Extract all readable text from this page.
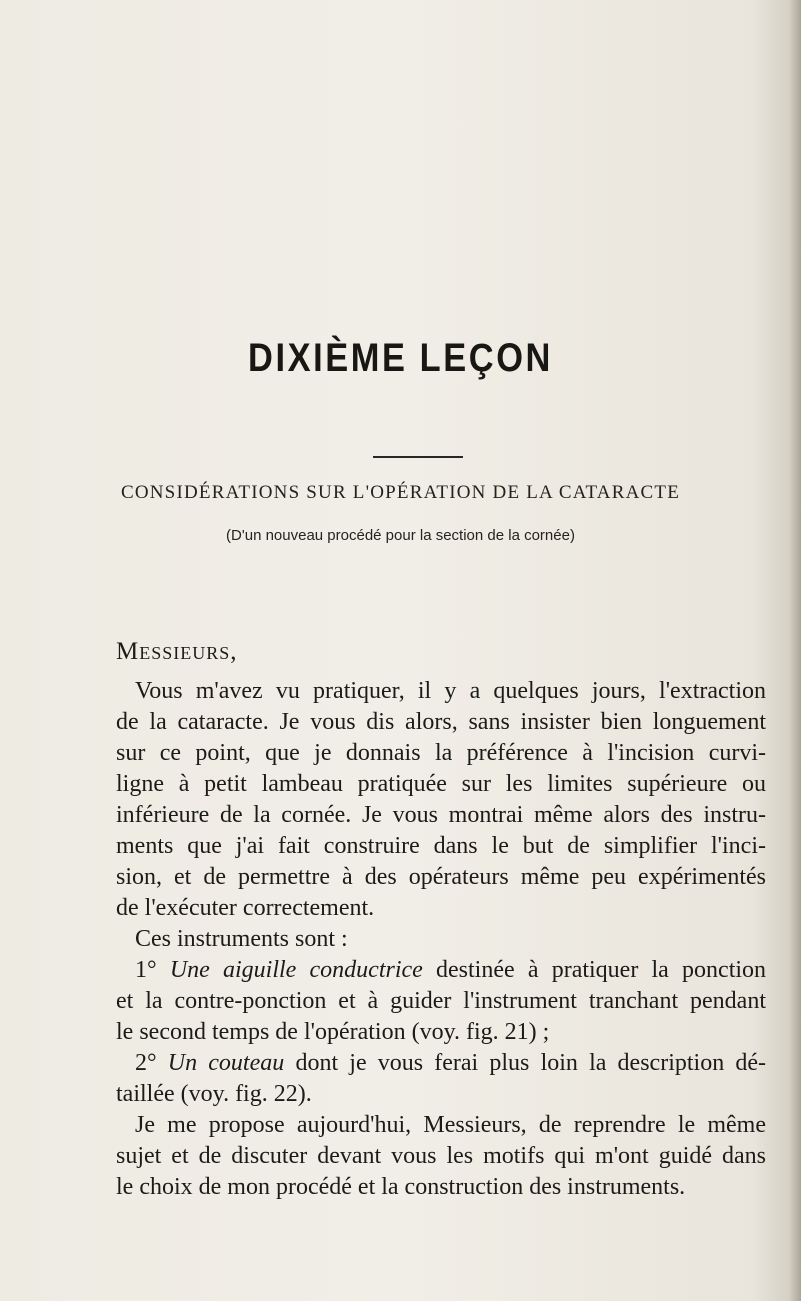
DIXIÈME LEÇON
CONSIDÉRATIONS SUR L'OPÉRATION DE LA CATARACTE
(D'un nouveau procédé pour la section de la cornée)
Messieurs,
Vous m'avez vu pratiquer, il y a quelques jours, l'extraction
de la cataracte. Je vous dis alors, sans insister bien longuement
sur ce point, que je donnais la préférence à l'incision curvi-
ligne à petit lambeau pratiquée sur les limites supérieure ou
inférieure de la cornée. Je vous montrai même alors des instru-
ments que j'ai fait construire dans le but de simplifier l'inci-
sion, et de permettre à des opérateurs même peu expérimentés
de l'exécuter correctement.
Ces instruments sont :
1° Une aiguille conductrice destinée à pratiquer la ponction
et la contre-ponction et à guider l'instrument tranchant pendant
le second temps de l'opération (voy. fig. 21) ;
2° Un couteau dont je vous ferai plus loin la description dé-
taillée (voy. fig. 22).
Je me propose aujourd'hui, Messieurs, de reprendre le même
sujet et de discuter devant vous les motifs qui m'ont guidé dans
le choix de mon procédé et la construction des instruments.
